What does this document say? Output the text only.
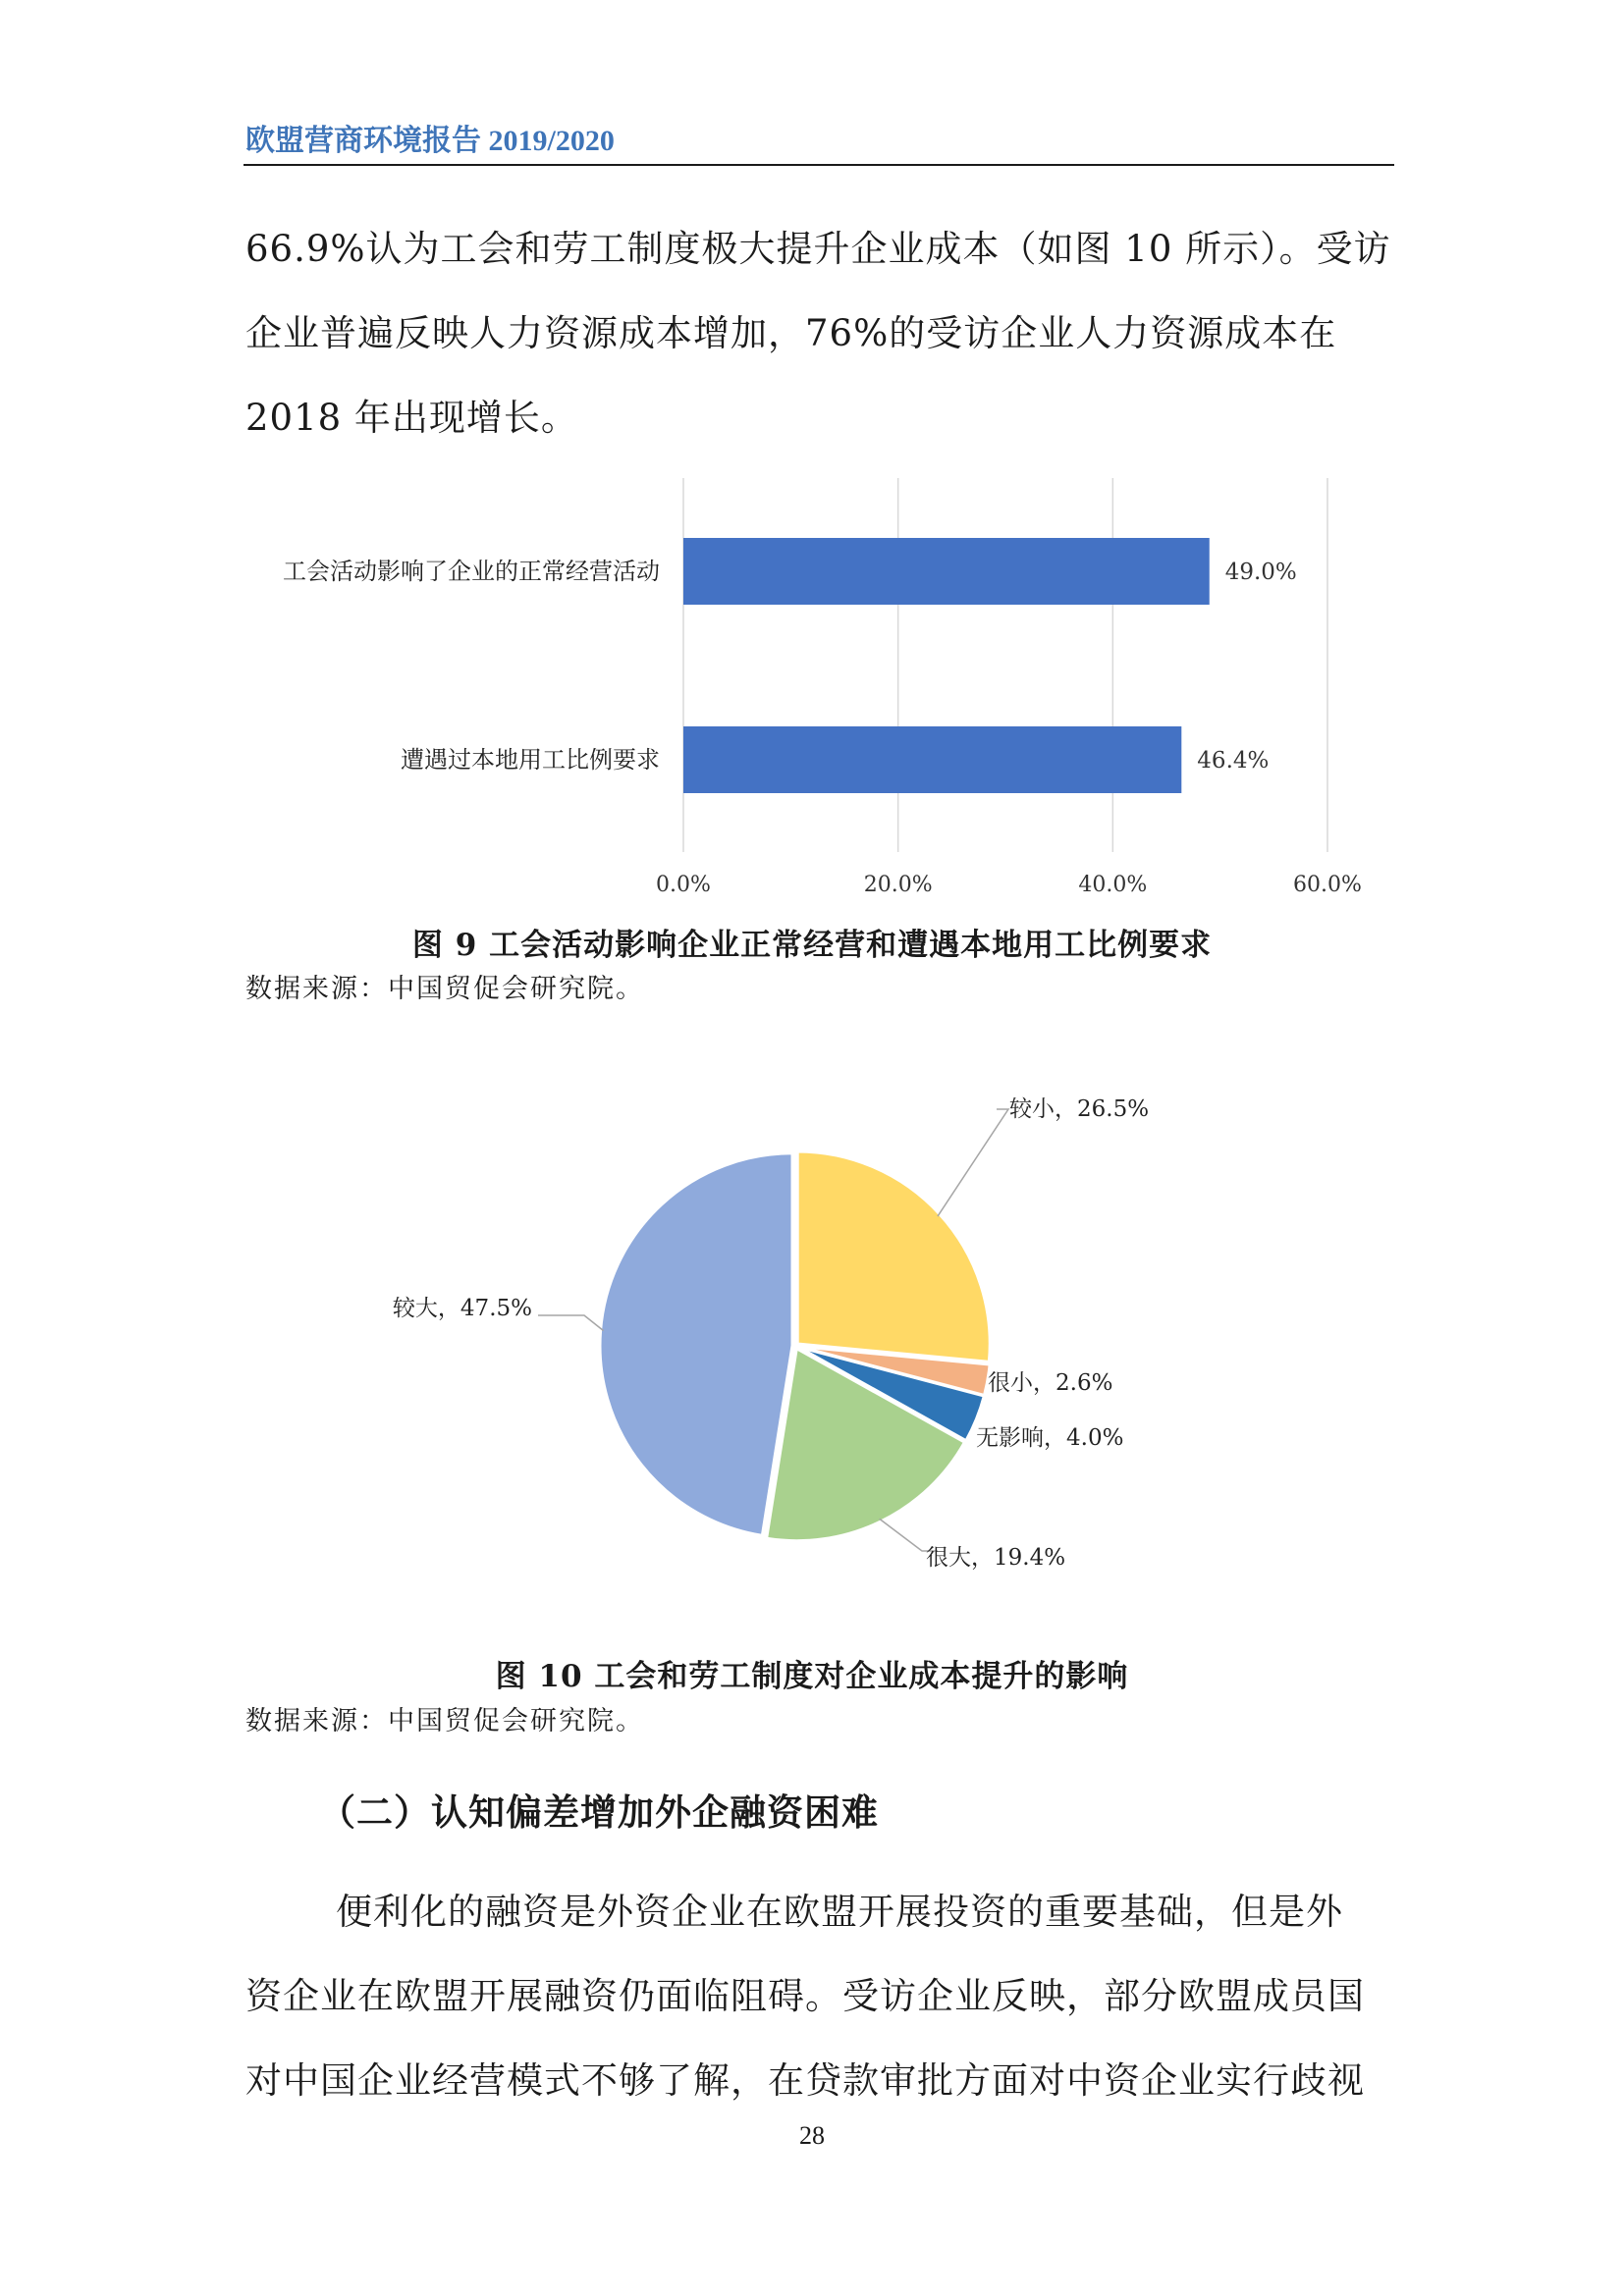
欧盟营商环境报告 2019/2020
66.9%认为工会和劳工制度极大提升企业成本（如图 10 所示）。受访
企业普遍反映人力资源成本增加，76%的受访企业人力资源成本在
2018 年出现增长。
0.0%	20.0%	40.0%	60.0%
工会活动影响了企业的正常经营活动	49.0%
遭遇过本地用工比例要求	46.4%
图 9 工会活动影响企业正常经营和遭遇本地用工比例要求
数据来源：中国贸促会研究院。
较小，26.5%
很小，2.6%
无影响，4.0%
很大，19.4%
较大，47.5%
图 10 工会和劳工制度对企业成本提升的影响
数据来源：中国贸促会研究院。
（二）认知偏差增加外企融资困难
便利化的融资是外资企业在欧盟开展投资的重要基础，但是外
资企业在欧盟开展融资仍面临阻碍。受访企业反映，部分欧盟成员国
对中国企业经营模式不够了解，在贷款审批方面对中资企业实行歧视
28
